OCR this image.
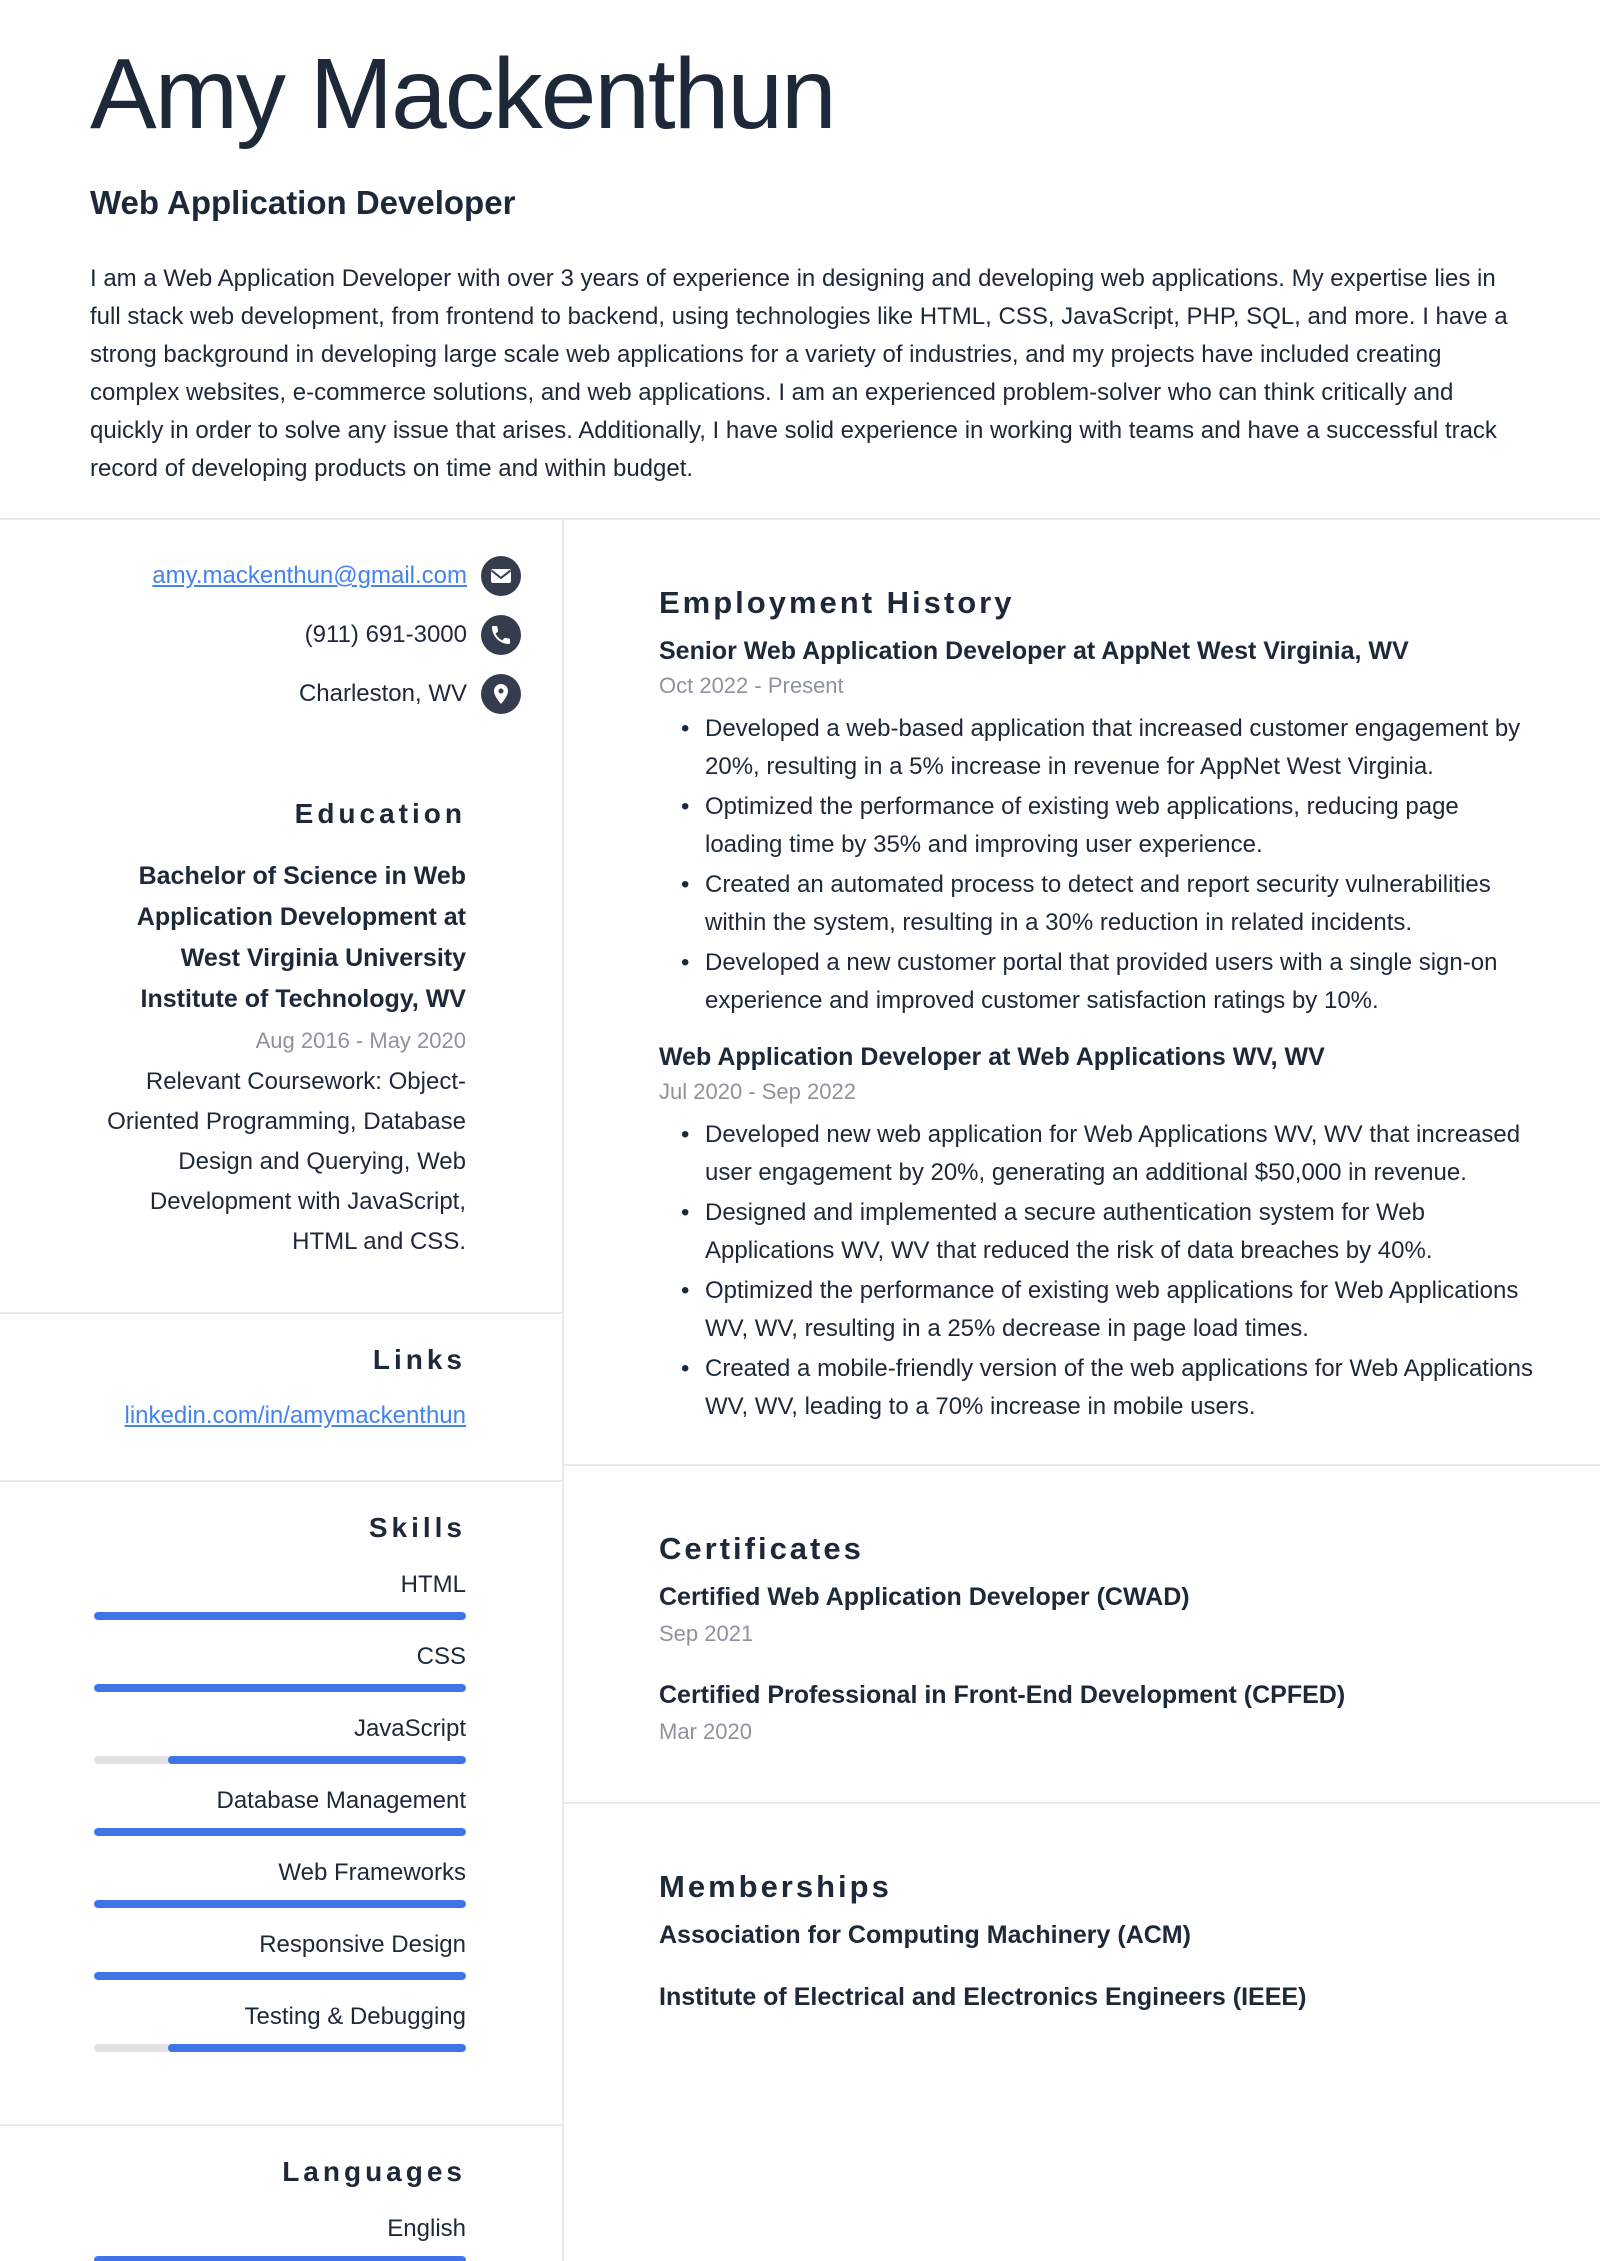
Amy Mackenthun
Web Application Developer

I am a Web Application Developer with over 3 years of experience in designing and developing web applications. My expertise lies in full stack web development, from frontend to backend, using technologies like HTML, CSS, JavaScript, PHP, SQL, and more. I have a strong background in developing large scale web applications for a variety of industries, and my projects have included creating complex websites, e-commerce solutions, and web applications. I am an experienced problem-solver who can think critically and quickly in order to solve any issue that arises. Additionally, I have solid experience in working with teams and have a successful track record of developing products on time and within budget.

amy.mackenthun@gmail.com
(911) 691-3000
Charleston, WV
Education
Bachelor of Science in Web Application Development at West Virginia University Institute of Technology, WV
Aug 2016 - May 2020
Relevant Coursework: Object-Oriented Programming, Database Design and Querying, Web Development with JavaScript, HTML and CSS.
Links
linkedin.com/in/amymackenthun
Skills
HTML
CSS
JavaScript
Database Management
Web Frameworks
Responsive Design
Testing & Debugging
Languages
English
Employment History
Senior Web Application Developer at AppNet West Virginia, WV
Oct 2022 - Present
• Developed a web-based application that increased customer engagement by 20%, resulting in a 5% increase in revenue for AppNet West Virginia.
• Optimized the performance of existing web applications, reducing page loading time by 35% and improving user experience.
• Created an automated process to detect and report security vulnerabilities within the system, resulting in a 30% reduction in related incidents.
• Developed a new customer portal that provided users with a single sign-on experience and improved customer satisfaction ratings by 10%.
Web Application Developer at Web Applications WV, WV
Jul 2020 - Sep 2022
• Developed new web application for Web Applications WV, WV that increased user engagement by 20%, generating an additional $50,000 in revenue.
• Designed and implemented a secure authentication system for Web Applications WV, WV that reduced the risk of data breaches by 40%.
• Optimized the performance of existing web applications for Web Applications WV, WV, resulting in a 25% decrease in page load times.
• Created a mobile-friendly version of the web applications for Web Applications WV, WV, leading to a 70% increase in mobile users.
Certificates
Certified Web Application Developer (CWAD)
Sep 2021
Certified Professional in Front-End Development (CPFED)
Mar 2020
Memberships
Association for Computing Machinery (ACM)
Institute of Electrical and Electronics Engineers (IEEE)
